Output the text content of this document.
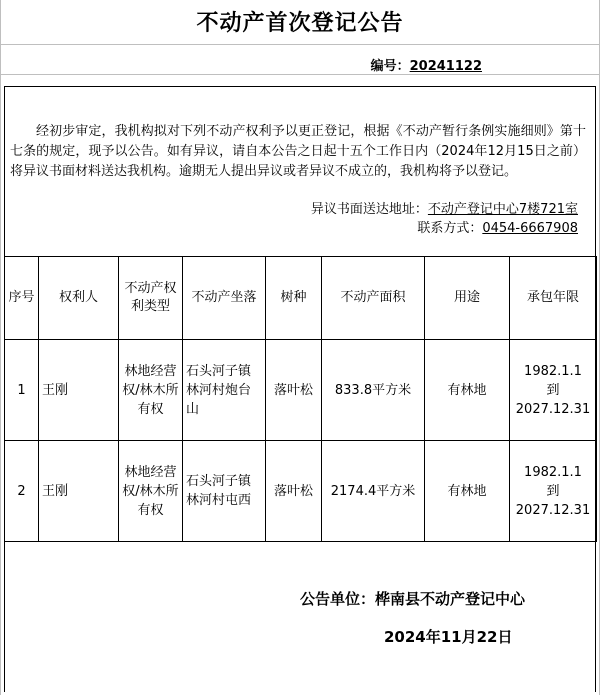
不动产首次登记公告
编号：20241122
经初步审定，我机构拟对下列不动产权利予以更正登记，根据《不动产暂行条例实施细则》第十七条的规定，现予以公告。如有异议，请自本公告之日起十五个工作日内（2024年12月15日之前）将异议书面材料送达我机构。逾期无人提出异议或者异议不成立的，我机构将予以登记。
异议书面送达地址：不动产登记中心7楼721室
联系方式：0454-6667908
序号	权利人	不动产权利类型	不动产坐落	树种	不动产面积	用途	承包年限
1	王刚	林地经营权/林木所有权	石头河子镇林河村炮台山	落叶松	833.8平方米	有林地	1982.1.1
到
2027.12.31
2	王刚	林地经营权/林木所有权	石头河子镇林河村屯西	落叶松	2174.4平方米	有林地	1982.1.1
到
2027.12.31
公告单位：桦南县不动产登记中心
2024年11月22日
